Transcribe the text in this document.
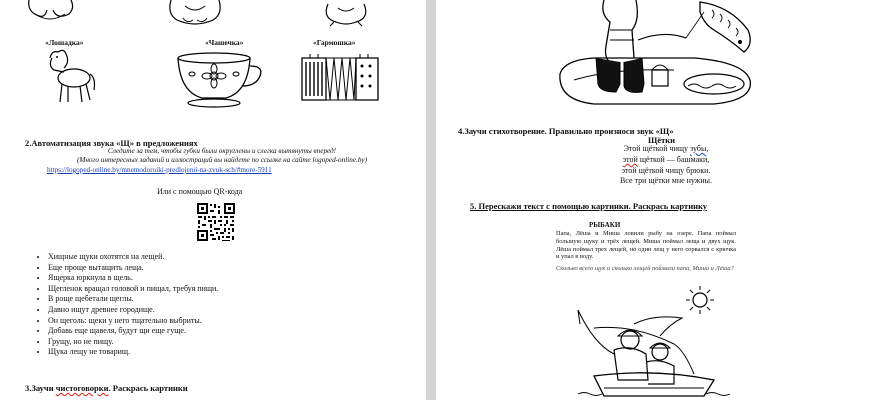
«Лошадка»	«Чашечка»	«Гармошка»
2.Автоматизация звука «Щ» в предложениях
Следите за тем, чтобы губки были округлены и слегка вытянуты вперед!
(Много интересных заданий и иллюстраций вы найдете по ссылке на сайте logoped-online.by)
https://logoped-online.by/mnemodoroiki-predlojenii-na-zvuk-sch/#more-5911
Или с помощью QR-кода
• Хищные щуки охотятся на лещей.
• Еще проще вытащить леща.
• Ящерка юркнула в щель.
• Щегленок вращал головой и пищал, требуя пищи.
• В роще щебетали щеглы.
• Давно ищут древнее городище.
• Он щеголь: щеки у него тщательно выбриты.
• Добавь еще щавеля, будут щи еще гуще.
• Грущу, но не пищу.
• Щука лещу не товарищ.
3.Заучи чистоговорки. Раскрась картинки
4.Заучи стихотворение. Правильно произноси звук «Щ»
Щётки
Этой щёткой чищу зубы,
этой щёткой — башмаки,
этой щёткой чищу брюки.
Все три щётки мне нужны.
5. Перескажи текст с помощью картинки. Раскрась картинку
РЫБАКИ
Папа, Лёша и Миша ловили рыбу на озере. Папа поймал большую щуку и трёх лещей. Миша поймал леща и двух щук. Лёша поймал трех лещей, но один лещ у него сорвался с крючка и упал в воду.
Сколько всего щук и сколько лещей поймали папа, Миша и Лёша?
